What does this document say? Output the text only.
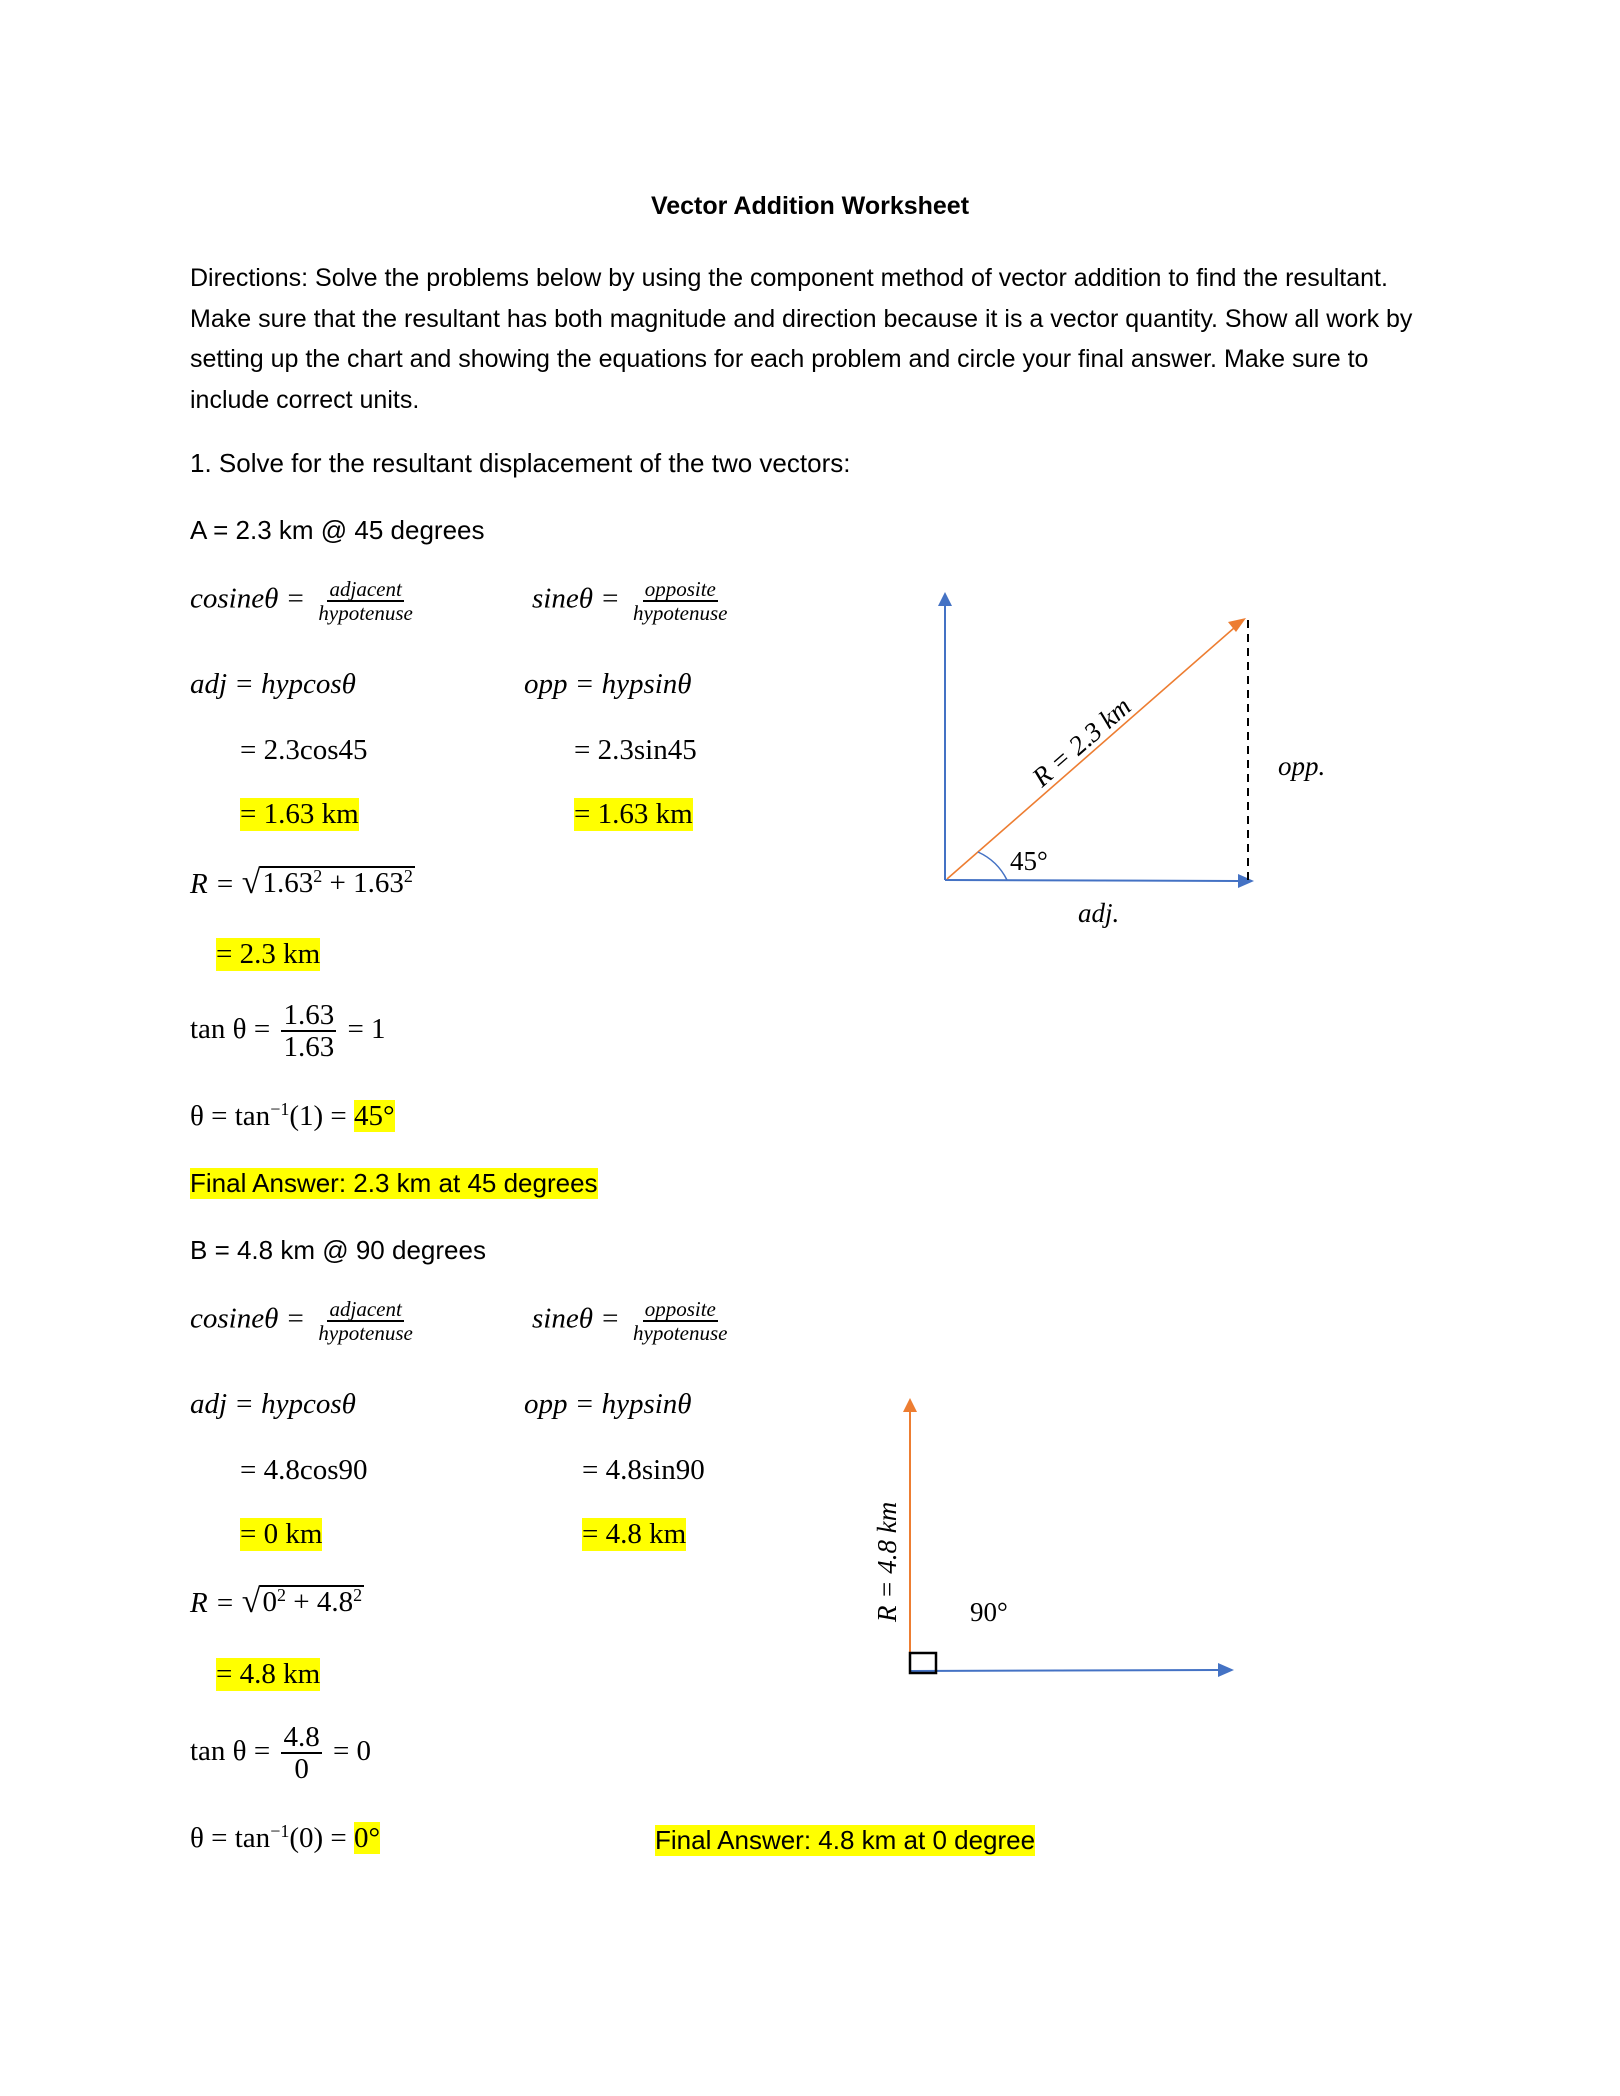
Vector Addition Worksheet
Directions: Solve the problems below by using the component method of vector addition to find the resultant. Make sure that the resultant has both magnitude and direction because it is a vector quantity. Show all work by setting up the chart and showing the equations for each problem and circle your final answer. Make sure to include correct units.
1. Solve for the resultant displacement of the two vectors:
A = 2.3 km @ 45 degrees
$cosine\theta = \frac{\text{adjacent}}{\text{hypotenuse}}$	$\sin e\theta = \frac{\text{opposite}}{\text{hypotenuse}}$
adj = hypcosθ	opp = hypsinθ
= 2.3cos45	= 2.3sin45
= 1.63 km	= 1.63 km
R = √ $1.63^2 + 1.63^2$
= 2.3 km
$\tan \theta = \frac{1.63}{1.63} = 1$
$\theta = \tan^{-1}(1) = 45^\circ$
Final Answer: 2.3 km at 45 degrees
45°
adj.
opp.
R = 2.3 km
B = 4.8 km @ 90 degrees
$cosine\theta = \frac{\text{adjacent}}{\text{hypotenuse}}$	$\sin e\theta = \frac{\text{opposite}}{\text{hypotenuse}}$
adj = hypcosθ	opp = hypsinθ
= 4.8cos90	= 4.8sin90
= 0 km	= 4.8 km
R = √ $0^2 + 4.8^2$
= 4.8 km
$\tan \theta = \frac{4.8}{0} = 0$
$\theta = \tan^{-1}(0) = 0^\circ$	Final Answer: 4.8 km at 0 degree
90°
R = 4.8 km
